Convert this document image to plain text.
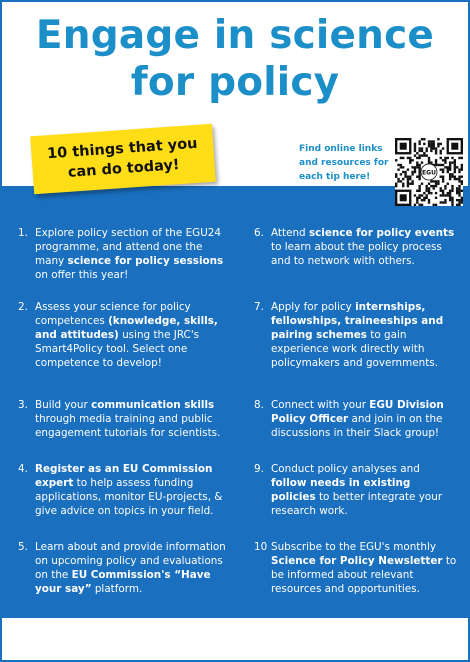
Engage in science
for policy
10 things that you
can do today!
Find online links
and resources for
each tip here!	EGU
1. Explore policy section of the EGU24 programme, and attend one the many science for policy sessions on offer this year!
2. Assess your science for policy competences (knowledge, skills, and attitudes) using the JRC's Smart4Policy tool. Select one competence to develop!
3. Build your communication skills through media training and public engagement tutorials for scientists.
4. Register as an EU Commission expert to help assess funding applications, monitor EU-projects, & give advice on topics in your field.
5. Learn about and provide information on upcoming policy and evaluations on the EU Commission's “Have your say” platform.
6. Attend science for policy events to learn about the policy process and to network with others.
7. Apply for policy internships, fellowships, traineeships and pairing schemes to gain experience work directly with policymakers and governments.
8. Connect with your EGU Division Policy Officer and join in on the discussions in their Slack group!
9. Conduct policy analyses and follow needs in existing policies to better integrate your research work.
10 Subscribe to the EGU's monthly Science for Policy Newsletter to be informed about relevant resources and opportunities.
